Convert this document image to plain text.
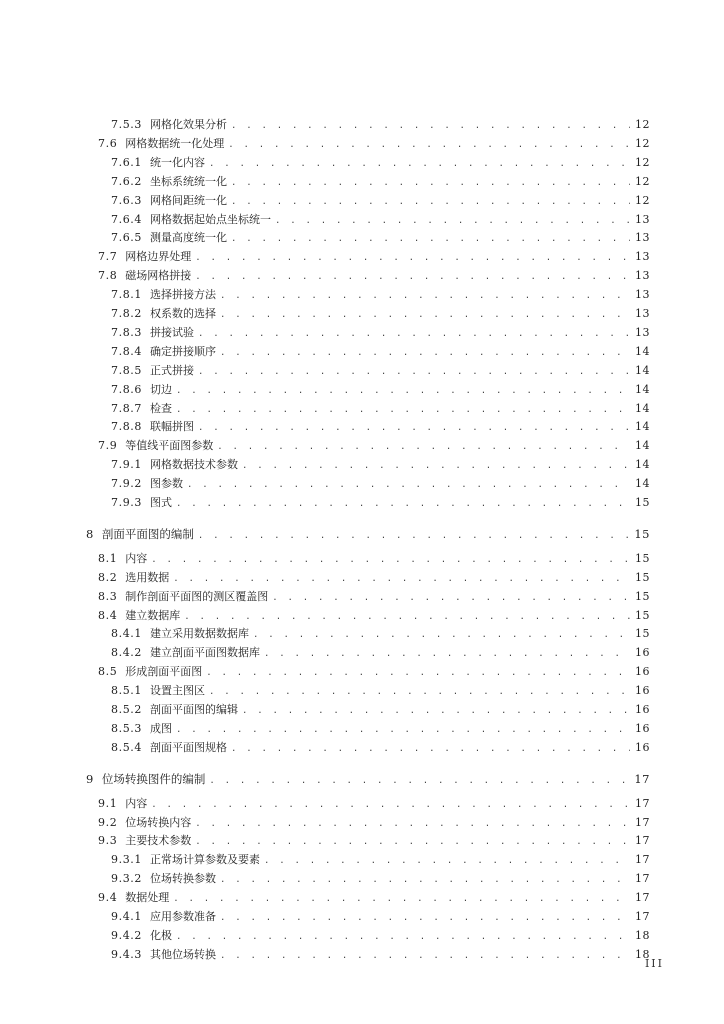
7.5.3 网格化效果分析 . . .	12
7.6 网格数据统一化处理 . . .	12
7.6.1 统一化内容 . . .	12
7.6.2 坐标系统统一化 . . .	12
7.6.3 网格间距统一化 . . .	12
7.6.4 网格数据起始点坐标统一 . . .	13
7.6.5 测量高度统一化 . . .	13
7.7 网格边界处理 . . .	13
7.8 磁场网格拼接 . . .	13
7.8.1 选择拼接方法 . . .	13
7.8.2 权系数的选择 . . .	13
7.8.3 拼接试验 . . .	13
7.8.4 确定拼接顺序 . . .	14
7.8.5 正式拼接 . . .	14
7.8.6 切边 . . .	14
7.8.7 检查 . . .	14
7.8.8 联幅拼图 . . .	14
7.9 等值线平面图参数 . . .	14
7.9.1 网格数据技术参数 . . .	14
7.9.2 图参数 . . .	14
7.9.3 图式 . . .	15
8 剖面平面图的编制 . . .	15
8.1 内容 . . .	15
8.2 选用数据 . . .	15
8.3 制作剖面平面图的测区覆盖图 . . .	15
8.4 建立数据库 . . .	15
8.4.1 建立采用数据数据库 . . .	15
8.4.2 建立剖面平面图数据库 . . .	16
8.5 形成剖面平面图 . . .	16
8.5.1 设置主图区 . . .	16
8.5.2 剖面平面图的编辑 . . .	16
8.5.3 成图 . . .	16
8.5.4 剖面平面图规格 . . .	16
9 位场转换图件的编制 . . .	17
9.1 内容 . . .	17
9.2 位场转换内容 . . .	17
9.3 主要技术参数 . . .	17
9.3.1 正常场计算参数及要素 . . .	17
9.3.2 位场转换参数 . . .	17
9.4 数据处理 . . .	17
9.4.1 应用参数准备 . . .	17
9.4.2 化极 . . .	18
9.4.3 其他位场转换 . . .	18
III
